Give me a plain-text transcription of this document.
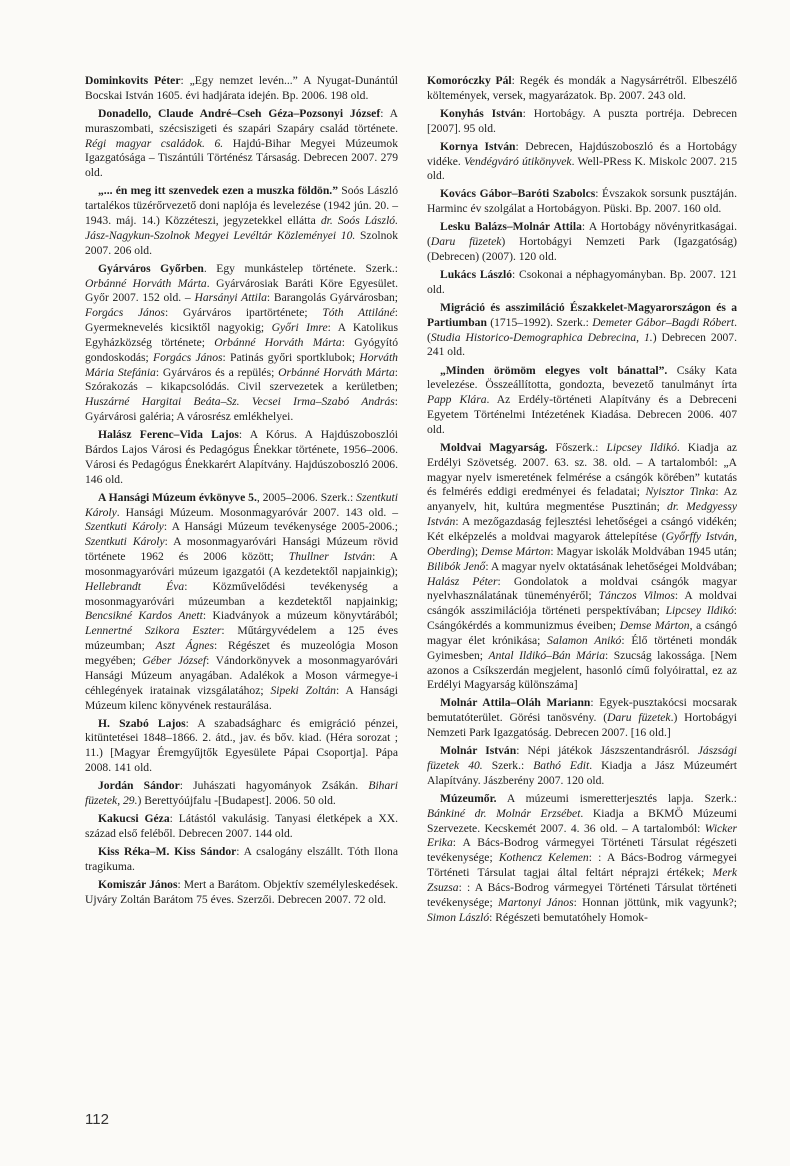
Dominkovits Péter: „Egy nemzet levén...” A Nyugat-Dunántúl Bocskai István 1605. évi hadjárata idején. Bp. 2006. 198 old.

Donadello, Claude André–Cseh Géza–Pozsonyi József: A muraszombati, szécsiszigeti és szapári Szapáry család története. Régi magyar családok. 6. Hajdú-Bihar Megyei Múzeumok Igazgatósága – Tiszántúli Történész Társaság. Debrecen 2007. 279 old.

„... én meg itt szenvedek ezen a muszka földön.” Soós László tartalékos tüzérőrvezető doni naplója és levelezése (1942 jún. 20. – 1943. máj. 14.) Közzéteszi, jegyzetekkel ellátta dr. Soós László. Jász-Nagykun-Szolnok Megyei Levéltár Közleményei 10. Szolnok 2007. 206 old.

Gyárváros Győrben. Egy munkástelep története. Szerk.: Orbánné Horváth Márta. Gyárvárosiak Baráti Köre Egyesület. Győr 2007. 152 old. – Harsányi Attila: Barangolás Gyárvárosban; Forgács János: Gyárváros ipartörténete; Tóth Attiláné: Gyermeknevelés kicsiktől nagyokig; Győri Imre: A Katolikus Egyházközség története; Orbánné Horváth Márta: Gyógyító gondoskodás; Forgács János: Patinás győri sportklubok; Horváth Mária Stefánia: Gyárváros és a repülés; Orbánné Horváth Márta: Szórakozás – kikapcsolódás. Civil szervezetek a kerületben; Huszárné Hargitai Beáta–Sz. Vecsei Irma–Szabó András: Gyárvárosi galéria; A városrész emlékhelyei.

Halász Ferenc–Vida Lajos: A Kórus. A Hajdúszoboszlói Bárdos Lajos Városi és Pedagógus Énekkar története, 1956–2006. Városi és Pedagógus Énekkarért Alapítvány. Hajdúszoboszló 2006. 146 old.

A Hansági Múzeum évkönyve 5., 2005–2006. Szerk.: Szentkuti Károly. Hansági Múzeum. Mosonmagyaróvár 2007. 143 old. – Szentkuti Károly: A Hansági Múzeum tevékenysége 2005-2006.; Szentkuti Károly: A mosonmagyaróvári Hansági Múzeum rövid története 1962 és 2006 között; Thullner István: A mosonmagyaróvári múzeum igazgatói (A kezdetektől napjainkig); Hellebrandt Éva: Közművelődési tevékenység a mosonmagyaróvári múzeumban a kezdetektől napjainkig; Bencsikné Kardos Anett: Kiadványok a múzeum könyvtárából; Lennertné Szikora Eszter: Műtárgyvédelem a 125 éves múzeumban; Aszt Ágnes: Régészet és muzeológia Moson megyében; Géber József: Vándorkönyvek a mosonmagyaróvári Hansági Múzeum anyagában. Adalékok a Moson vármegye-i céhlegények iratainak vizsgálatához; Sipeki Zoltán: A Hansági Múzeum kilenc könyvének restaurálása.

H. Szabó Lajos: A szabadságharc és emigráció pénzei, kitüntetései 1848–1866. 2. átd., jav. és bőv. kiad. (Héra sorozat ; 11.) [Magyar Éremgyűjtők Egyesülete Pápai Csoportja]. Pápa 2008. 141 old.

Jordán Sándor: Juhászati hagyományok Zsákán. Bihari füzetek, 29.) Berettyóújfalu -[Budapest]. 2006. 50 old.

Kakucsi Géza: Látástól vakulásig. Tanyasi életképek a XX. század első feléből. Debrecen 2007. 144 old.

Kiss Réka–M. Kiss Sándor: A csalogány elszállt. Tóth Ilona tragikuma.

Komiszár János: Mert a Barátom. Objektív személyleskedések. Ujváry Zoltán Barátom 75 éves. Szerzői. Debrecen 2007. 72 old.

Komoróczky Pál: Regék és mondák a Nagysárrétről. Elbeszélő költemények, versek, magyarázatok. Bp. 2007. 243 old.

Konyhás István: Hortobágy. A puszta portréja. Debrecen [2007]. 95 old.

Kornya István: Debrecen, Hajdúszoboszló és a Hortobágy vidéke. Vendégváró útikönyvek. Well-PRess K. Miskolc 2007. 215 old.

Kovács Gábor–Baróti Szabolcs: Évszakok sorsunk pusztáján. Harminc év szolgálat a Hortobágyon. Püski. Bp. 2007. 160 old.

Lesku Balázs–Molnár Attila: A Hortobágy növényritkaságai. (Daru füzetek) Hortobágyi Nemzeti Park (Igazgatóság) (Debrecen) (2007). 120 old.

Lukács László: Csokonai a néphagyományban. Bp. 2007. 121 old.

Migráció és asszimiláció Északkelet-Magyarországon és a Partiumban (1715–1992). Szerk.: Demeter Gábor–Bagdi Róbert. (Studia Historico-Demographica Debrecina, 1.) Debrecen 2007. 241 old.

„Minden örömöm elegyes volt bánattal”. Csáky Kata levelezése. Összeállította, gondozta, bevezető tanulmányt írta Papp Klára. Az Erdély-történeti Alapítvány és a Debreceni Egyetem Történelmi Intézetének Kiadása. Debrecen 2006. 407 old.

Moldvai Magyarság. Főszerk.: Lipcsey Ildikó. Kiadja az Erdélyi Szövetség. 2007. 63. sz. 38. old. – A tartalomból: „A magyar nyelv ismeretének felmérése a csángók körében” kutatás és felmérés eddigi eredményei és feladatai; Nyisztor Tinka: Az anyanyelv, hit, kultúra megmentése Pusztinán; dr. Medgyessy István: A mezőgazdaság fejlesztési lehetőségei a csángó vidékén; Két elképzelés a moldvai magyarok áttelepítése (Győrffy István, Oberding); Demse Márton: Magyar iskolák Moldvában 1945 után; Bilibók Jenő: A magyar nyelv oktatásának lehetőségei Moldvában; Halász Péter: Gondolatok a moldvai csángók magyar nyelvhasználatának tüneményéről; Tánczos Vilmos: A moldvai csángók asszimilációja történeti perspektívában; Lipcsey Ildikó: Csángókérdés a kommunizmus éveiben; Demse Márton, a csángó magyar élet krónikása; Salamon Anikó: Élő történeti mondák Gyimesben; Antal Ildikó–Bán Mária: Szucság lakossága. [Nem azonos a Csíkszerdán megjelent, hasonló című folyóirattal, ez az Erdélyi Magyarság különszáma]

Molnár Attila–Oláh Mariann: Egyek-pusztakócsi mocsarak bemutatóterület. Görési tanösvény. (Daru füzetek.) Hortobágyi Nemzeti Park Igazgatóság. Debrecen 2007. [16 old.]

Molnár István: Népi játékok Jászszentandrásról. Jászsági füzetek 40. Szerk.: Bathó Edit. Kiadja a Jász Múzeumért Alapítvány. Jászberény 2007. 120 old.

Múzeumőr. A múzeumi ismeretterjesztés lapja. Szerk.: Bánkiné dr. Molnár Erzsébet. Kiadja a BKMÖ Múzeumi Szervezete. Kecskemét 2007. 4. 36 old. – A tartalomból: Wicker Erika: A Bács-Bodrog vármegyei Történeti Társulat régészeti tevékenysége; Kothencz Kelemen: : A Bács-Bodrog vármegyei Történeti Társulat tagjai által feltárt néprajzi értékek; Merk Zsuzsa: : A Bács-Bodrog vármegyei Történeti Társulat történeti tevékenysége; Martonyi János: Honnan jöttünk, mik vagyunk?; Simon László: Régészeti bemutatóhely Homok-

112
